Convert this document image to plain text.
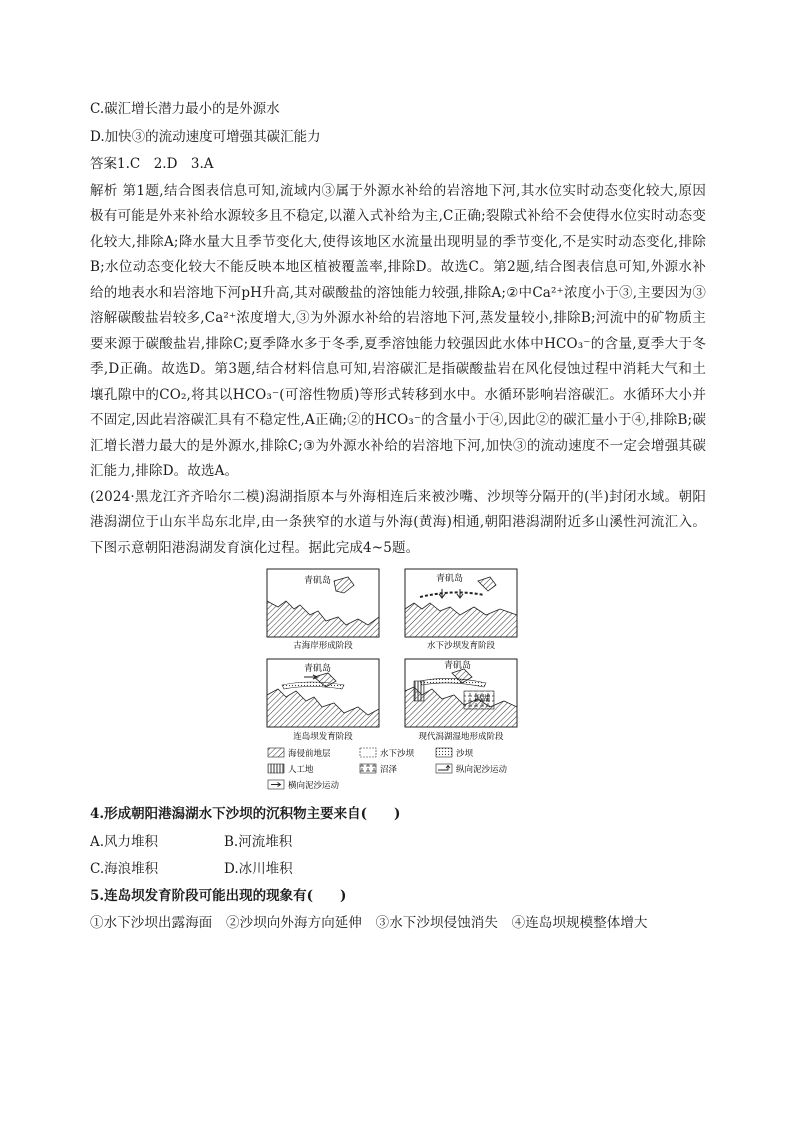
C.碳汇增长潜力最小的是外源水
D.加快③的流动速度可增强其碳汇能力
答案1.C　2.D　3.A
解析 第1题,结合图表信息可知,流域内③属于外源水补给的岩溶地下河,其水位实时动态变化较大,原因极有可能是外来补给水源较多且不稳定,以灌入式补给为主,C正确;裂隙式补给不会使得水位实时动态变化较大,排除A;降水量大且季节变化大,使得该地区水流量出现明显的季节变化,不是实时动态变化,排除B;水位动态变化较大不能反映本地区植被覆盖率,排除D。故选C。第2题,结合图表信息可知,外源水补给的地表水和岩溶地下河pH升高,其对碳酸盐的溶蚀能力较强,排除A;②中Ca²⁺浓度小于③,主要因为③溶解碳酸盐岩较多,Ca²⁺浓度增大,③为外源水补给的岩溶地下河,蒸发量较小,排除B;河流中的矿物质主要来源于碳酸盐岩,排除C;夏季降水多于冬季,夏季溶蚀能力较强因此水体中HCO₃⁻的含量,夏季大于冬季,D正确。故选D。第3题,结合材料信息可知,岩溶碳汇是指碳酸盐岩在风化侵蚀过程中消耗大气和土壤孔隙中的CO₂,将其以HCO₃⁻(可溶性物质)等形式转移到水中。水循环影响岩溶碳汇。水循环大小并不固定,因此岩溶碳汇具有不稳定性,A正确;②的HCO₃⁻的含量小于④,因此②的碳汇量小于④,排除B;碳汇增长潜力最大的是外源水,排除C;③为外源水补给的岩溶地下河,加快③的流动速度不一定会增强其碳汇能力,排除D。故选A。
(2024·黑龙江齐齐哈尔二模)潟湖指原本与外海相连后来被沙嘴、沙坝等分隔开的(半)封闭水域。朝阳港潟湖位于山东半岛东北岸,由一条狭窄的水道与外海(黄海)相通,朝阳港潟湖附近多山溪性河流汇入。下图示意朝阳港潟湖发育演化过程。据此完成4~5题。
青矶岛
古海岸形成阶段
青矶岛
水下沙坝发育阶段
青矶岛
连岛坝发育阶段
潟湖
青矶岛
现代潟湖湿地形成阶段
海侵前地层	水下沙坝	沙坝
人工地	沼泽	纵向泥沙运动
横向泥沙运动
4.形成朝阳港潟湖水下沙坝的沉积物主要来自(　　)
A.风力堆积	B.河流堆积
C.海浪堆积	D.冰川堆积
5.连岛坝发育阶段可能出现的现象有(　　)
①水下沙坝出露海面　②沙坝向外海方向延伸　③水下沙坝侵蚀消失　④连岛坝规模整体增大
